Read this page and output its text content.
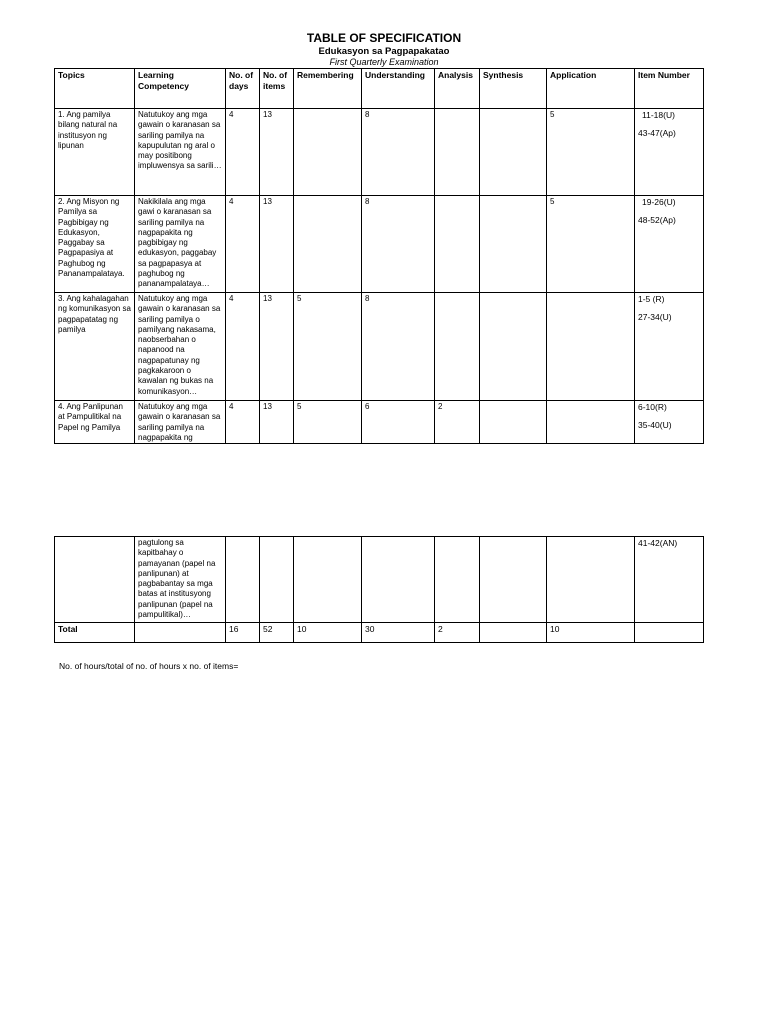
TABLE OF SPECIFICATION
Edukasyon sa Pagpapakatao
First Quarterly Examination
Topics	Learning Competency	No. of days	No. of items	Remembering	Understanding	Analysis	Synthesis	Application	Item Number
1. Ang pamilya bilang natural na institusyon ng lipunan	Natutukoy ang mga gawain o karanasan sa sariling pamilya na kapupulutan ng aral o may positibong impluwensya sa sarili…	4	13		8			5	11-18(U)
43-47(Ap)

2. Ang Misyon ng Pamilya sa Pagbibigay ng Edukasyon, Paggabay sa Pagpapasiya at Paghubog ng Pananampalataya.	Nakikilala ang mga gawi o karanasan sa sariling pamilya na nagpapakita ng pagbibigay ng edukasyon, paggabay sa pagpapasya at paghubog ng pananampalataya…	4	13		8			5	19-26(U)
48-52(Ap)

3. Ang kahalagahan ng komunikasyon sa pagpapatatag ng pamilya	Natutukoy ang mga gawain o karanasan sa sariling pamilya o pamilyang nakasama, naobserbahan o napanood na nagpapatunay ng pagkakaroon o kawalan ng bukas na komunikasyon…	4	13	5	8				1-5 (R)
27-34(U)

4. Ang Panlipunan at Pampulitikal na Papel ng Pamilya	Natutukoy ang mga gawain o karanasan sa sariling pamilya na nagpapakita ng	4	13	5	6	2			6-10(R)
35-40(U)
	pagtulong sa kapitbahay o pamayanan (papel na panlipunan) at pagbabantay sa mga batas at institusyong panlipunan (papel na pampulitikal)…								41-42(AN)
Total		16	52	10	30	2		10	
No. of hours/total of no. of hours x no. of items=
